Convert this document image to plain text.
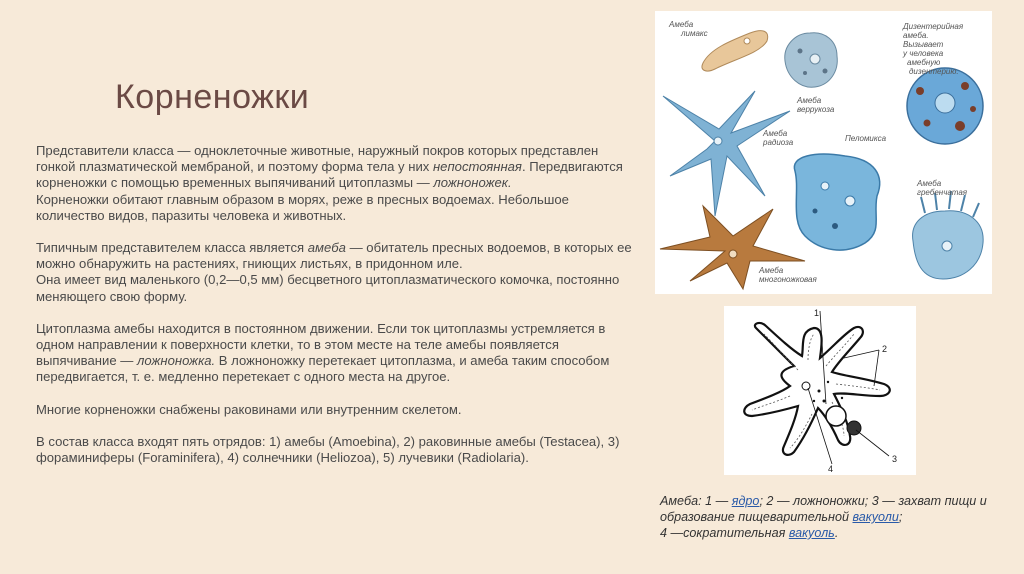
Корненожки

Представители класса — одноклеточные животные, наружный покров которых представлен гонкой плазматической мембраной, и поэтому форма тела у них непостоянная. Передвигаются корненожки с помощью временных выпячиваний цитоплазмы — ложноножек.

Корненожки обитают главным образом в морях, реже в пресных водоемах. Небольшое количество видов, паразиты человека и животных.

Типичным представителем класса является амеба — обитатель пресных водоемов, в которых ее можно обнаружить на растениях, гниющих листьях, в придонном иле.

Она имеет вид маленького (0,2—0,5 мм) бесцветного цитоплазматического комочка, постоянно меняющего свою форму.

Цитоплазма амебы находится в постоянном движении. Если ток цитоплазмы устремляется в одном направлении к поверхности клетки, то в этом месте на теле амебы появляется выпячивание — ложноножка. В ложноножку перетекает цитоплазма, и амеба таким способом передвигается, т. е. медленно перетекает с одного места на другое.

Многие корненожки снабжены раковинами или внутренним скелетом.

В состав класса входят пять отрядов: 1) амебы (Amoebina), 2) раковинные амебы (Testacea), 3) фораминиферы (Foraminifera), 4) солнечники (Heliozoa), 5) лучевики (Radiolaria).

Амеба
лимакс
Дизентерийная
амеба.
Вызывает
у человека
амебную
дизентерию.
Амеба
веррукоза
Амеба
радиоза	Пеломикса
Амеба
гребенчатая
Амеба
многоножковая
1
2
3
4
Амеба: 1 — ядро; 2 — ложноножки; 3 — захват пищи и образование пищеварительной вакуоли;
4 —сократительная вакуоль.
